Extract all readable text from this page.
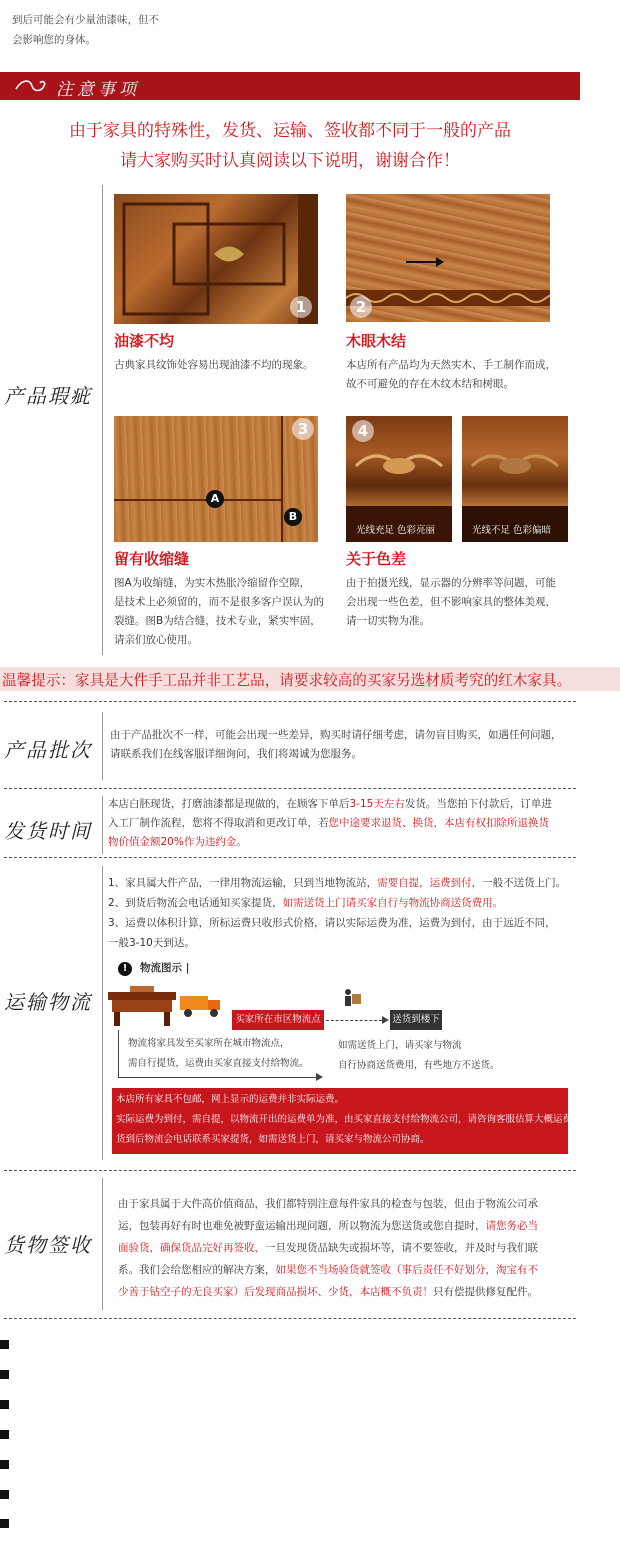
到后可能会有少量油漆味，但不
会影响您的身体。
注意事项
由于家具的特殊性，发货、运输、签收都不同于一般的产品
请大家购买时认真阅读以下说明，谢谢合作！
产品瑕疵
1
油漆不均
古典家具纹饰处容易出现油漆不均的现象。
2
木眼木结
本店所有产品均为天然实木、手工制作而成，
故不可避免的存在木纹木结和树眼。
3
A
B
留有收缩缝
图A为收缩缝，为实木热胀冷缩留作空隙，
是技术上必须留的，而不是很多客户误认为的
裂缝。图B为结合缝，技术专业，紧实牢固，
请亲们放心使用。
4
光线充足 色彩亮丽	光线不足 色彩偏暗
关于色差
由于拍摄光线，显示器的分辨率等问题，可能
会出现一些色差，但不影响家具的整体美观，
请一切实物为准。
温馨提示：家具是大件手工品并非工艺品，请要求较高的买家另选材质考究的红木家具。
产品批次
由于产品批次不一样，可能会出现一些差异，购买时请仔细考虑，请勿盲目购买，如遇任何问题，
请联系我们在线客服详细询问，我们将竭诚为您服务。
发货时间
本店白胚现货，打磨油漆都是现做的，在顾客下单后3-15天左右发货。当您拍下付款后，订单进
入工厂制作流程，您将不得取消和更改订单，若您中途要求退货、换货，本店有权扣除所退换货
物价值金额20%作为违约金。
运输物流
1、家具属大件产品，一律用物流运输，只到当地物流站，需要自提，运费到付，一般不送货上门。
2、到货后物流会电话通知买家提货，如需送货上门请买家自行与物流协商送货费用。
3、运费以体积计算，所标运费只收形式价格，请以实际运费为准，运费为到付，由于远近不同，
一般3-10天到达。
!	物流图示 |
买家所在市区物流点	送货到楼下
物流将家具发至买家所在城市物流点，
需自行提货，运费由买家直接支付给物流。
如需送货上门，请买家与物流
自行协商送货费用，有些地方不送货。
本店所有家具不包邮，网上显示的运费并非实际运费。
实际运费为到付，需自提，以物流开出的运费单为准，由买家直接支付给物流公司，请咨询客服估算大概运费。
货到后物流会电话联系买家提货，如需送货上门，请买家与物流公司协商。
货物签收
由于家具属于大件高价值商品，我们都特别注意每件家具的检查与包装，但由于物流公司承
运，包装再好有时也难免被野蛮运输出现问题，所以物流为您送货或您自提时，请您务必当
面验货，确保货品完好再签收，一旦发现货品缺失或损坏等，请不要签收，并及时与我们联
系。我们会给您相应的解决方案，如果您不当场验货就签收（事后责任不好划分，淘宝有不
少善于钻空子的无良买家）后发现商品损坏、少货，本店概不负责！只有偿提供修复配件。
